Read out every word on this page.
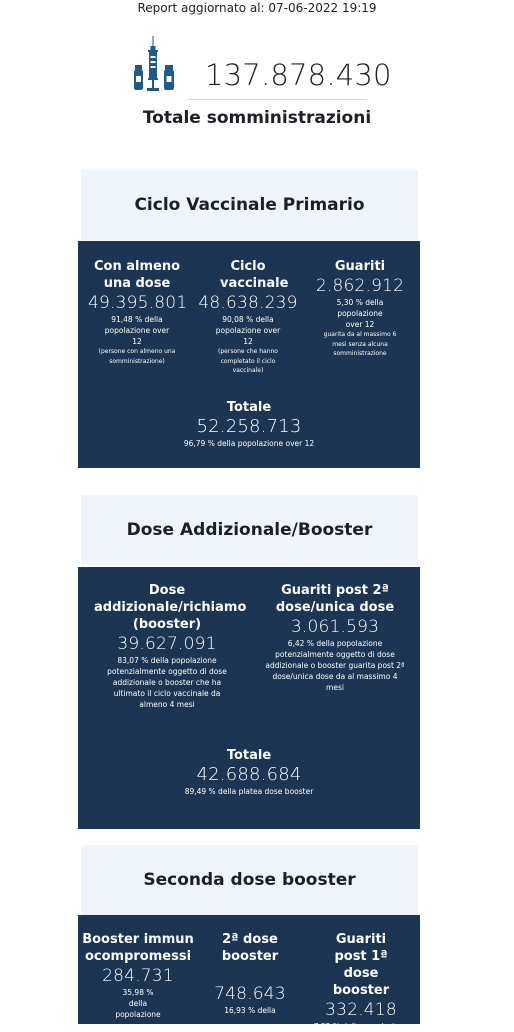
Report aggiornato al: 07-06-2022 19:19
137.878.430
Totale somministrazioni
Ciclo Vaccinale Primario
Con almeno una dose
49.395.801
91,48 % della popolazione over 12
(persone con almeno una somministrazione)
Ciclo vaccinale
48.638.239
90,08 % della popolazione over 12
(persone che hanno completato il ciclo vaccinale)
Guariti
2.862.912
5,30 % della popolazione over 12
guarita da al massimo 6 mesi senza alcuna somministrazione
Totale
52.258.713
96,79 % della popolazione over 12
Dose Addizionale/Booster
Dose addizionale/richiamo (booster)
39.627.091
83,07 % della popolazione potenzialmente oggetto di dose addizionale o booster che ha ultimato il ciclo vaccinale da almeno 4 mesi
Guariti post 2ª dose/unica dose
3.061.593
6,42 % della popolazione potenzialmente oggetto di dose addizionale o booster guarita post 2ª dose/unica dose da al massimo 4 mesi
Totale
42.688.684
89,49 % della platea dose booster
Seconda dose booster
Booster immunocompromessi
284.731
35,98 % della popolazione
2ª dose booster
748.643
16,93 % della
Guariti post 1ª dose booster
332.418
7,52 % della popolazione
